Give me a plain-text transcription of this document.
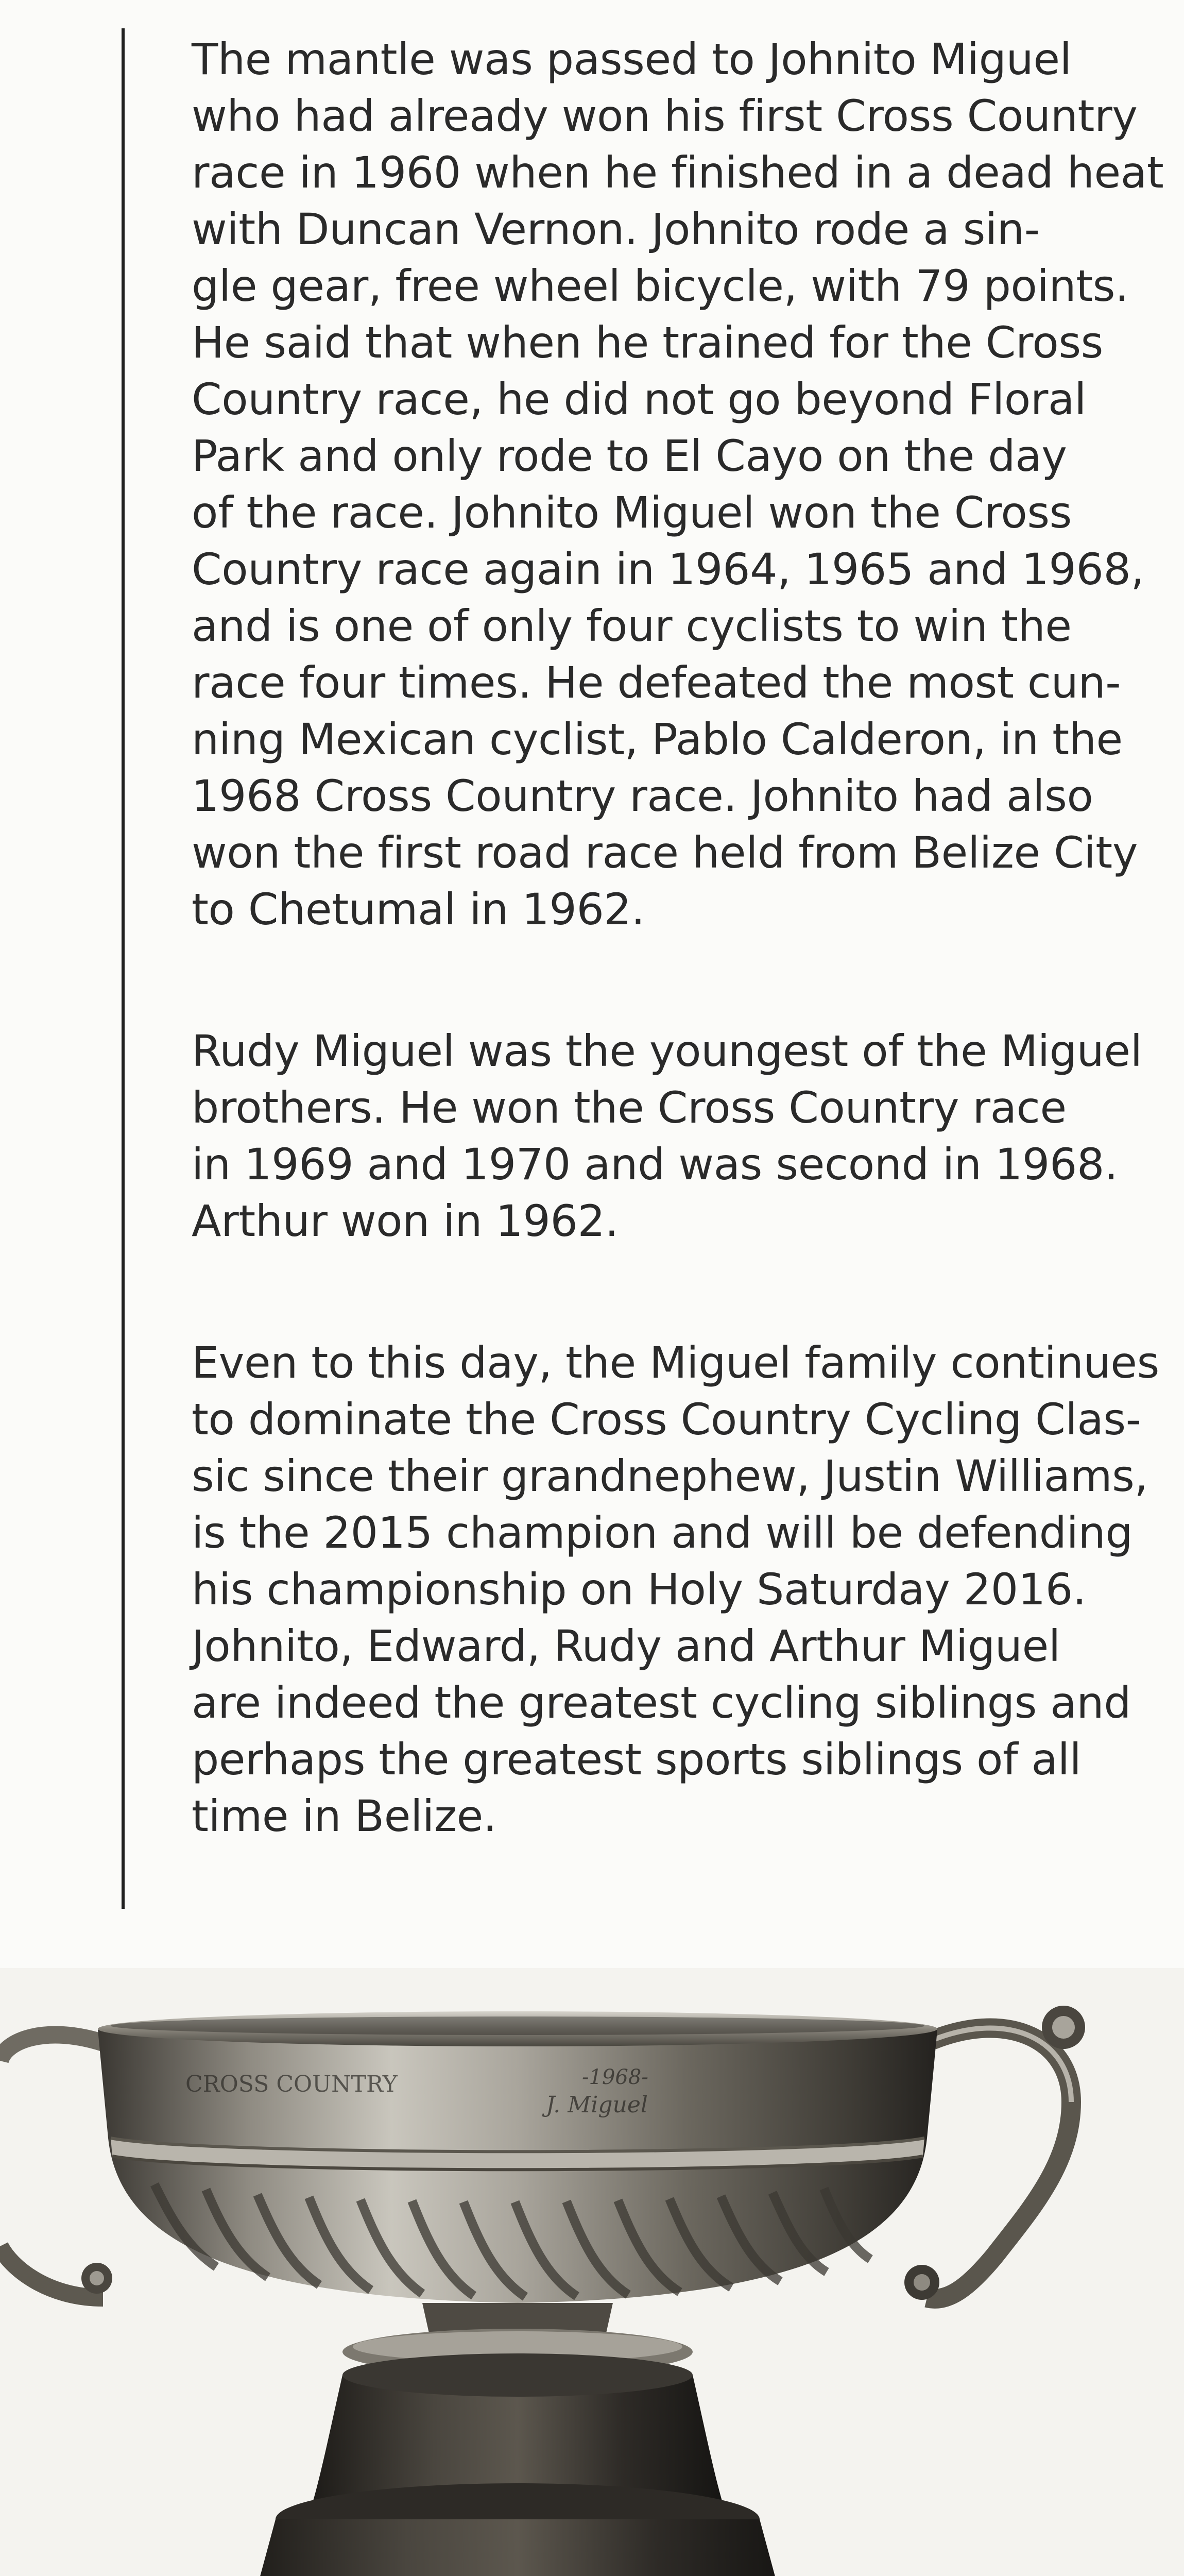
The mantle was passed to Johnito Miguel
who had already won his first Cross Country
race in 1960 when he finished in a dead heat
with Duncan Vernon. Johnito rode a sin-
gle gear, free wheel bicycle, with 79 points.
He said that when he trained for the Cross
Country race, he did not go beyond Floral
Park and only rode to El Cayo on the day
of the race. Johnito Miguel won the Cross
Country race again in 1964, 1965 and 1968,
and is one of only four cyclists to win the
race four times. He defeated the most cun-
ning Mexican cyclist, Pablo Calderon, in the
1968 Cross Country race. Johnito had also
won the first road race held from Belize City
to Chetumal in 1962.
Rudy Miguel was the youngest of the Miguel
brothers. He won the Cross Country race
in 1969 and 1970 and was second in 1968.
Arthur won in 1962.
Even to this day, the Miguel family continues
to dominate the Cross Country Cycling Clas-
sic since their grandnephew, Justin Williams,
is the 2015 champion and will be defending
his championship on Holy Saturday 2016.
Johnito, Edward, Rudy and Arthur Miguel
are indeed the greatest cycling siblings and
perhaps the greatest sports siblings of all
time in Belize.
CROSS COUNTRY	-1968-
J. Miguel
